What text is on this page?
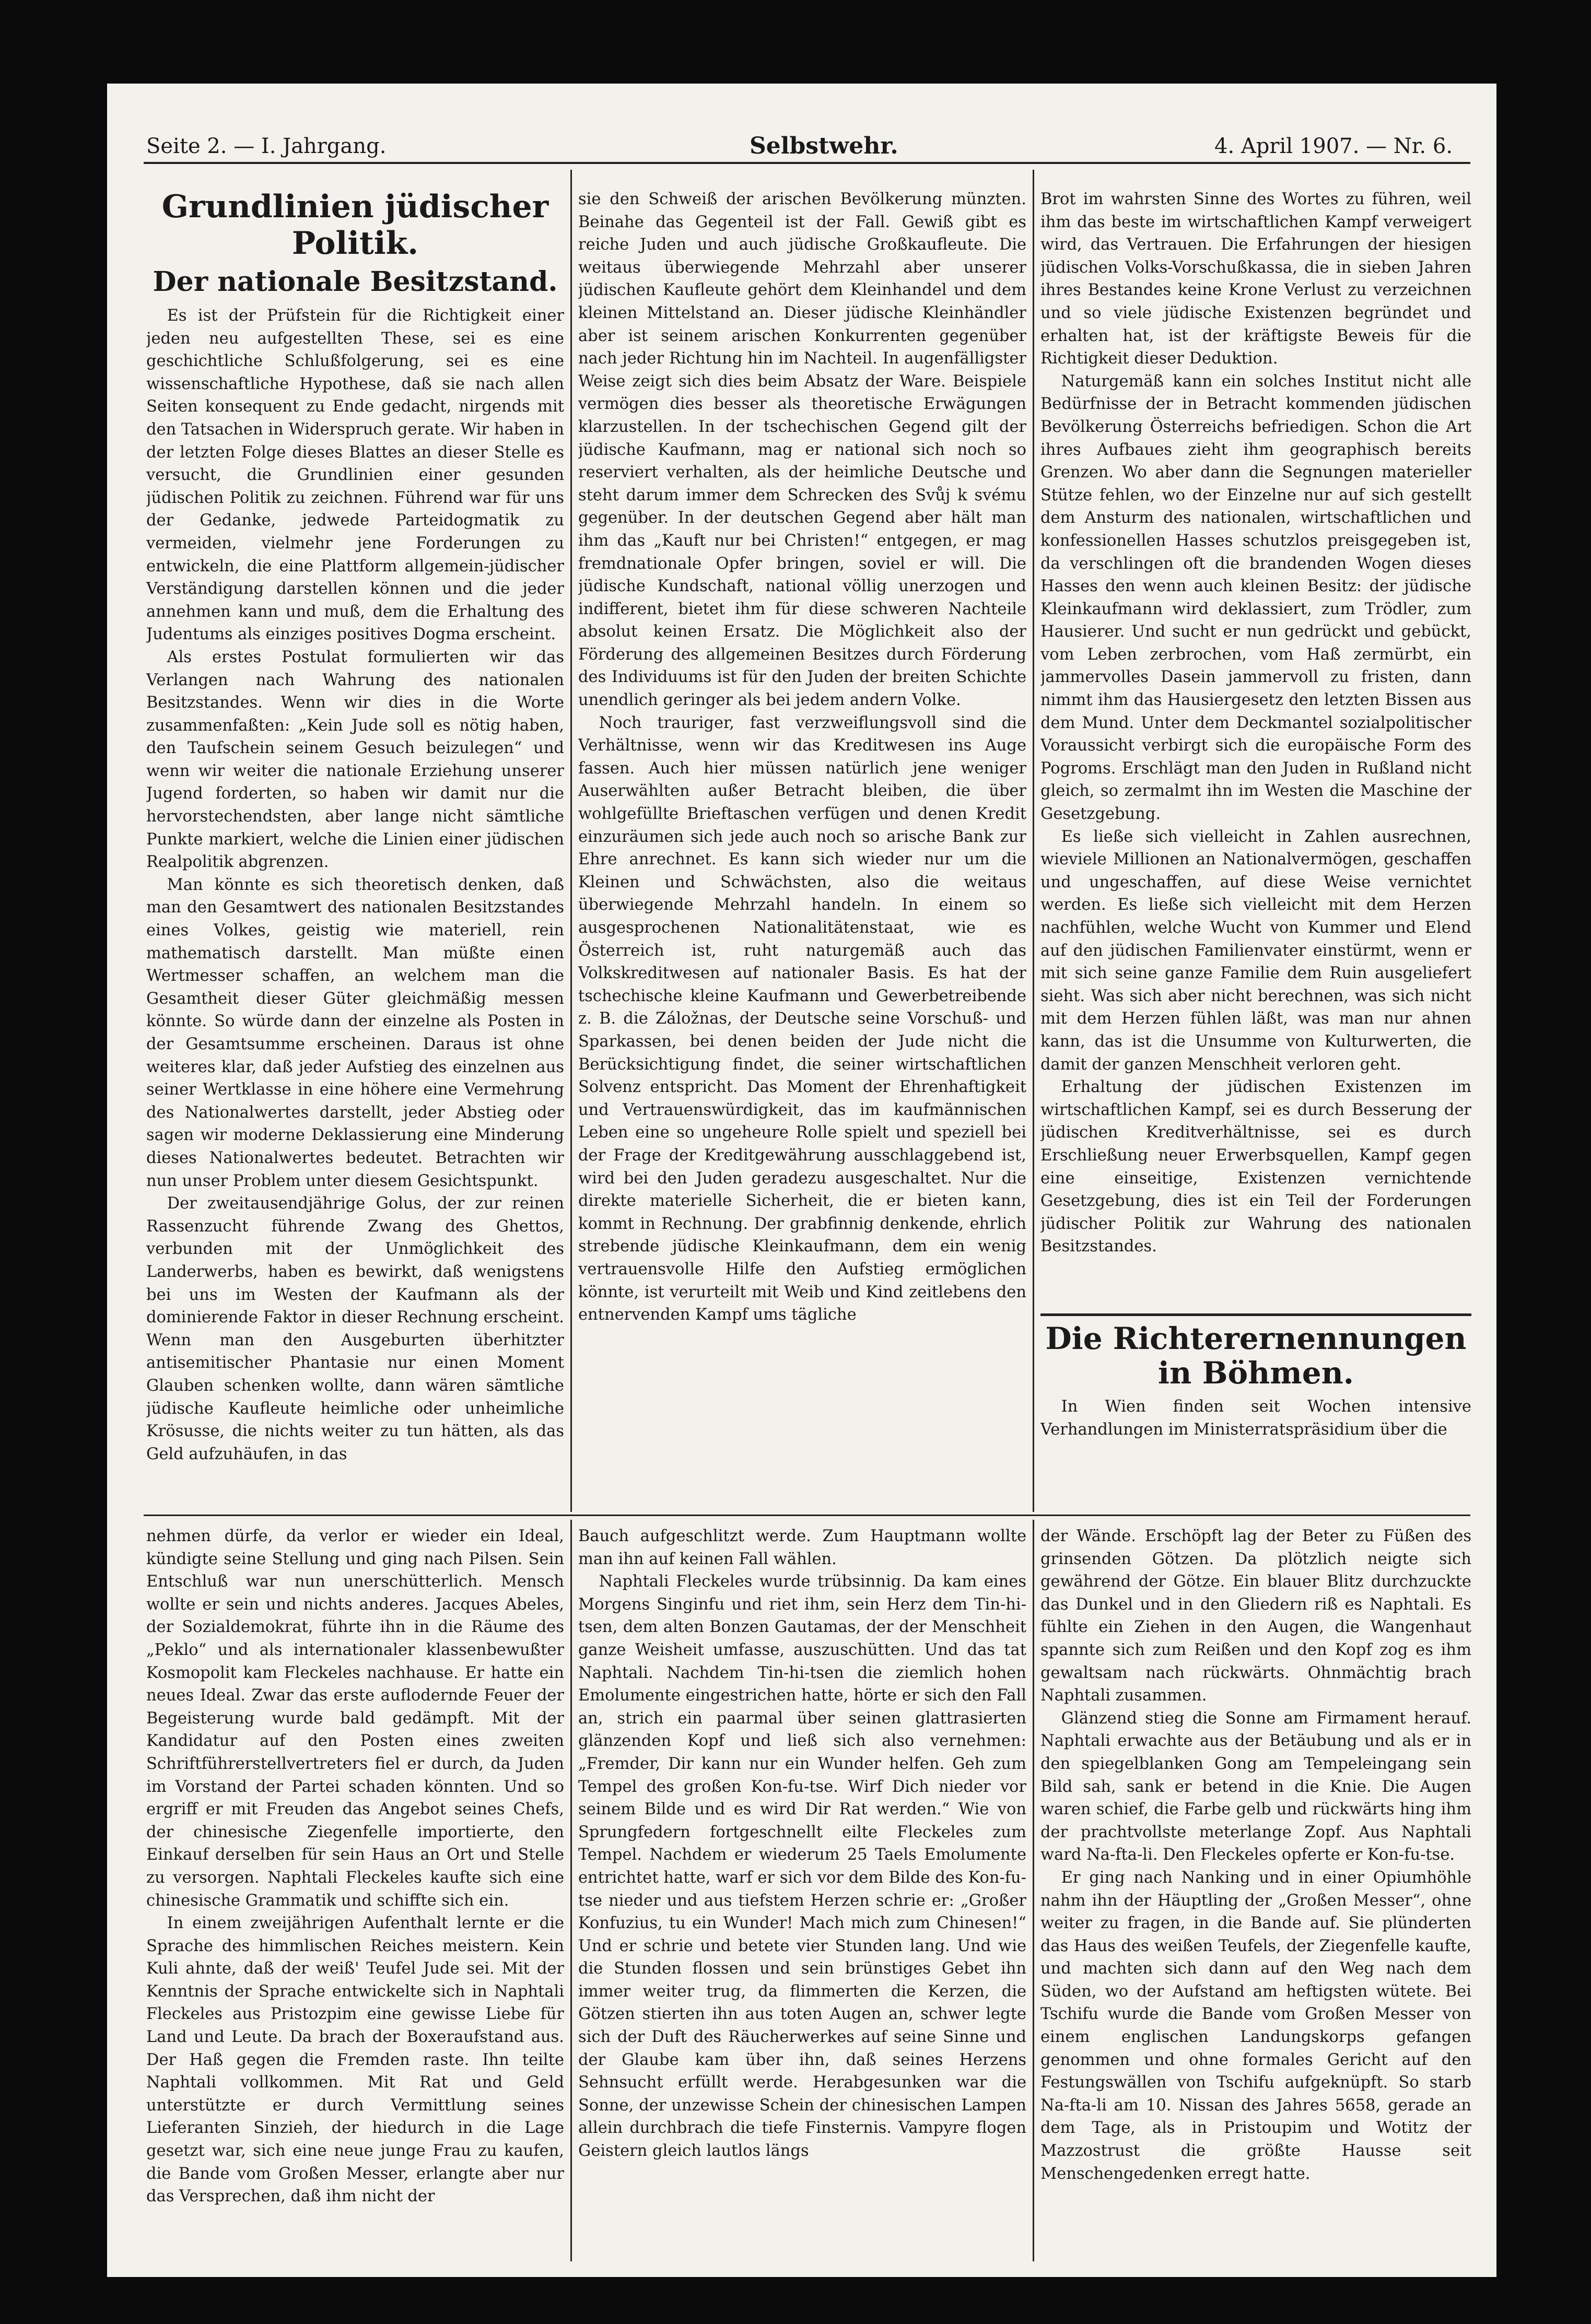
Seite 2. — I. Jahrgang.	Selbstwehr.	4. April 1907. — Nr. 6.
Grundlinien jüdischer Politik.
Der nationale Besitzstand.

Es ist der Prüfstein für die Richtigkeit einer jeden neu aufgestellten These, sei es eine geschichtliche Schlußfolgerung, sei es eine wissenschaftliche Hypothese, daß sie nach allen Seiten konsequent zu Ende gedacht, nirgends mit den Tatsachen in Widerspruch gerate. Wir haben in der letzten Folge dieses Blattes an dieser Stelle es versucht, die Grundlinien einer gesunden jüdischen Politik zu zeichnen. Führend war für uns der Gedanke, jedwede Parteidogmatik zu vermeiden, vielmehr jene Forderungen zu entwickeln, die eine Plattform allgemein-jüdischer Verständigung darstellen können und die jeder annehmen kann und muß, dem die Erhaltung des Judentums als einziges positives Dogma erscheint.

Als erstes Postulat formulierten wir das Verlangen nach Wahrung des nationalen Besitzstandes. Wenn wir dies in die Worte zusammenfaßten: „Kein Jude soll es nötig haben, den Taufschein seinem Gesuch beizulegen“ und wenn wir weiter die nationale Erziehung unserer Jugend forderten, so haben wir damit nur die hervorstechendsten, aber lange nicht sämtliche Punkte markiert, welche die Linien einer jüdischen Realpolitik abgrenzen.

Man könnte es sich theoretisch denken, daß man den Gesamtwert des nationalen Besitzstandes eines Volkes, geistig wie materiell, rein mathematisch darstellt. Man müßte einen Wertmesser schaffen, an welchem man die Gesamtheit dieser Güter gleichmäßig messen könnte. So würde dann der einzelne als Posten in der Gesamtsumme erscheinen. Daraus ist ohne weiteres klar, daß jeder Aufstieg des einzelnen aus seiner Wertklasse in eine höhere eine Vermehrung des Nationalwertes darstellt, jeder Abstieg oder sagen wir moderne Deklassierung eine Minderung dieses Nationalwertes bedeutet. Betrachten wir nun unser Problem unter diesem Gesichtspunkt.

Der zweitausendjährige Golus, der zur reinen Rassenzucht führende Zwang des Ghettos, verbunden mit der Unmöglichkeit des Landerwerbs, haben es bewirkt, daß wenigstens bei uns im Westen der Kaufmann als der dominierende Faktor in dieser Rechnung erscheint. Wenn man den Ausgeburten überhitzter antisemitischer Phantasie nur einen Moment Glauben schenken wollte, dann wären sämtliche jüdische Kaufleute heimliche oder unheimliche Krösusse, die nichts weiter zu tun hätten, als das Geld aufzuhäufen, in das

sie den Schweiß der arischen Bevölkerung münzten. Beinahe das Gegenteil ist der Fall. Gewiß gibt es reiche Juden und auch jüdische Großkaufleute. Die weitaus überwiegende Mehrzahl aber unserer jüdischen Kaufleute gehört dem Kleinhandel und dem kleinen Mittelstand an. Dieser jüdische Kleinhändler aber ist seinem arischen Konkurrenten gegenüber nach jeder Richtung hin im Nachteil. In augenfälligster Weise zeigt sich dies beim Absatz der Ware. Beispiele vermögen dies besser als theoretische Erwägungen klarzustellen. In der tschechischen Gegend gilt der jüdische Kaufmann, mag er national sich noch so reserviert verhalten, als der heimliche Deutsche und steht darum immer dem Schrecken des Svůj k svému gegenüber. In der deutschen Gegend aber hält man ihm das „Kauft nur bei Christen!“ entgegen, er mag fremdnationale Opfer bringen, soviel er will. Die jüdische Kundschaft, national völlig unerzogen und indifferent, bietet ihm für diese schweren Nachteile absolut keinen Ersatz. Die Möglichkeit also der Förderung des allgemeinen Besitzes durch Förderung des Individuums ist für den Juden der breiten Schichte unendlich geringer als bei jedem andern Volke.

Noch trauriger, fast verzweiflungsvoll sind die Verhältnisse, wenn wir das Kreditwesen ins Auge fassen. Auch hier müssen natürlich jene weniger Auserwählten außer Betracht bleiben, die über wohlgefüllte Brieftaschen verfügen und denen Kredit einzuräumen sich jede auch noch so arische Bank zur Ehre anrechnet. Es kann sich wieder nur um die Kleinen und Schwächsten, also die weitaus überwiegende Mehrzahl handeln. In einem so ausgesprochenen Nationalitätenstaat, wie es Österreich ist, ruht naturgemäß auch das Volkskreditwesen auf nationaler Basis. Es hat der tschechische kleine Kaufmann und Gewerbetreibende z. B. die Záložnas, der Deutsche seine Vorschuß- und Sparkassen, bei denen beiden der Jude nicht die Berücksichtigung findet, die seiner wirtschaftlichen Solvenz entspricht. Das Moment der Ehrenhaftigkeit und Vertrauenswürdigkeit, das im kaufmännischen Leben eine so ungeheure Rolle spielt und speziell bei der Frage der Kreditgewährung ausschlaggebend ist, wird bei den Juden geradezu ausgeschaltet. Nur die direkte materielle Sicherheit, die er bieten kann, kommt in Rechnung. Der grabfinnig denkende, ehrlich strebende jüdische Kleinkaufmann, dem ein wenig vertrauensvolle Hilfe den Aufstieg ermöglichen könnte, ist verurteilt mit Weib und Kind zeitlebens den entnervenden Kampf ums tägliche

Brot im wahrsten Sinne des Wortes zu führen, weil ihm das beste im wirtschaftlichen Kampf verweigert wird, das Vertrauen. Die Erfahrungen der hiesigen jüdischen Volks-Vorschußkassa, die in sieben Jahren ihres Bestandes keine Krone Verlust zu verzeichnen und so viele jüdische Existenzen begründet und erhalten hat, ist der kräftigste Beweis für die Richtigkeit dieser Deduktion.

Naturgemäß kann ein solches Institut nicht alle Bedürfnisse der in Betracht kommenden jüdischen Bevölkerung Österreichs befriedigen. Schon die Art ihres Aufbaues zieht ihm geographisch bereits Grenzen. Wo aber dann die Segnungen materieller Stütze fehlen, wo der Einzelne nur auf sich gestellt dem Ansturm des nationalen, wirtschaftlichen und konfessionellen Hasses schutzlos preisgegeben ist, da verschlingen oft die brandenden Wogen dieses Hasses den wenn auch kleinen Besitz: der jüdische Kleinkaufmann wird deklassiert, zum Trödler, zum Hausierer. Und sucht er nun gedrückt und gebückt, vom Leben zerbrochen, vom Haß zermürbt, ein jammervolles Dasein jammervoll zu fristen, dann nimmt ihm das Hausiergesetz den letzten Bissen aus dem Mund. Unter dem Deckmantel sozialpolitischer Voraussicht verbirgt sich die europäische Form des Pogroms. Erschlägt man den Juden in Rußland nicht gleich, so zermalmt ihn im Westen die Maschine der Gesetzgebung.

Es ließe sich vielleicht in Zahlen ausrechnen, wieviele Millionen an Nationalvermögen, geschaffen und ungeschaffen, auf diese Weise vernichtet werden. Es ließe sich vielleicht mit dem Herzen nachfühlen, welche Wucht von Kummer und Elend auf den jüdischen Familienvater einstürmt, wenn er mit sich seine ganze Familie dem Ruin ausgeliefert sieht. Was sich aber nicht berechnen, was sich nicht mit dem Herzen fühlen läßt, was man nur ahnen kann, das ist die Unsumme von Kulturwerten, die damit der ganzen Menschheit verloren geht.

Erhaltung der jüdischen Existenzen im wirtschaftlichen Kampf, sei es durch Besserung der jüdischen Kreditverhältnisse, sei es durch Erschließung neuer Erwerbsquellen, Kampf gegen eine einseitige, Existenzen vernichtende Gesetzgebung, dies ist ein Teil der Forderungen jüdischer Politik zur Wahrung des nationalen Besitzstandes.

Die Richterernennungen in Böhmen.

In Wien finden seit Wochen intensive Verhandlungen im Ministerratspräsidium über die

nehmen dürfe, da verlor er wieder ein Ideal, kündigte seine Stellung und ging nach Pilsen. Sein Entschluß war nun unerschütterlich. Mensch wollte er sein und nichts anderes. Jacques Abeles, der Sozialdemokrat, führte ihn in die Räume des „Peklo“ und als internationaler klassenbewußter Kosmopolit kam Fleckeles nachhause. Er hatte ein neues Ideal. Zwar das erste auflodernde Feuer der Begeisterung wurde bald gedämpft. Mit der Kandidatur auf den Posten eines zweiten Schriftführerstellvertreters fiel er durch, da Juden im Vorstand der Partei schaden könnten. Und so ergriff er mit Freuden das Angebot seines Chefs, der chinesische Ziegenfelle importierte, den Einkauf derselben für sein Haus an Ort und Stelle zu versorgen. Naphtali Fleckeles kaufte sich eine chinesische Grammatik und schiffte sich ein.

In einem zweijährigen Aufenthalt lernte er die Sprache des himmlischen Reiches meistern. Kein Kuli ahnte, daß der weiß' Teufel Jude sei. Mit der Kenntnis der Sprache entwickelte sich in Naphtali Fleckeles aus Pristozpim eine gewisse Liebe für Land und Leute. Da brach der Boxeraufstand aus. Der Haß gegen die Fremden raste. Ihn teilte Naphtali vollkommen. Mit Rat und Geld unterstützte er durch Vermittlung seines Lieferanten Sinzieh, der hiedurch in die Lage gesetzt war, sich eine neue junge Frau zu kaufen, die Bande vom Großen Messer, erlangte aber nur das Versprechen, daß ihm nicht der

Bauch aufgeschlitzt werde. Zum Hauptmann wollte man ihn auf keinen Fall wählen.

Naphtali Fleckeles wurde trübsinnig. Da kam eines Morgens Singinfu und riet ihm, sein Herz dem Tin-hi-tsen, dem alten Bonzen Gautamas, der der Menschheit ganze Weisheit umfasse, auszuschütten. Und das tat Naphtali. Nachdem Tin-hi-tsen die ziemlich hohen Emolumente eingestrichen hatte, hörte er sich den Fall an, strich ein paarmal über seinen glattrasierten glänzenden Kopf und ließ sich also vernehmen: „Fremder, Dir kann nur ein Wunder helfen. Geh zum Tempel des großen Kon-fu-tse. Wirf Dich nieder vor seinem Bilde und es wird Dir Rat werden.“ Wie von Sprungfedern fortgeschnellt eilte Fleckeles zum Tempel. Nachdem er wiederum 25 Taels Emolumente entrichtet hatte, warf er sich vor dem Bilde des Kon-fu-tse nieder und aus tiefstem Herzen schrie er: „Großer Konfuzius, tu ein Wunder! Mach mich zum Chinesen!“ Und er schrie und betete vier Stunden lang. Und wie die Stunden flossen und sein brünstiges Gebet ihn immer weiter trug, da flimmerten die Kerzen, die Götzen stierten ihn aus toten Augen an, schwer legte sich der Duft des Räucherwerkes auf seine Sinne und der Glaube kam über ihn, daß seines Herzens Sehnsucht erfüllt werde. Herabgesunken war die Sonne, der unzewisse Schein der chinesischen Lampen allein durchbrach die tiefe Finsternis. Vampyre flogen Geistern gleich lautlos längs

der Wände. Erschöpft lag der Beter zu Füßen des grinsenden Götzen. Da plötzlich neigte sich gewährend der Götze. Ein blauer Blitz durchzuckte das Dunkel und in den Gliedern riß es Naphtali. Es fühlte ein Ziehen in den Augen, die Wangenhaut spannte sich zum Reißen und den Kopf zog es ihm gewaltsam nach rückwärts. Ohnmächtig brach Naphtali zusammen.

Glänzend stieg die Sonne am Firmament herauf. Naphtali erwachte aus der Betäubung und als er in den spiegelblanken Gong am Tempeleingang sein Bild sah, sank er betend in die Knie. Die Augen waren schief, die Farbe gelb und rückwärts hing ihm der prachtvollste meterlange Zopf. Aus Naphtali ward Na-fta-li. Den Fleckeles opferte er Kon-fu-tse.

Er ging nach Nanking und in einer Opiumhöhle nahm ihn der Häuptling der „Großen Messer“, ohne weiter zu fragen, in die Bande auf. Sie plünderten das Haus des weißen Teufels, der Ziegenfelle kaufte, und machten sich dann auf den Weg nach dem Süden, wo der Aufstand am heftigsten wütete. Bei Tschifu wurde die Bande vom Großen Messer von einem englischen Landungskorps gefangen genommen und ohne formales Gericht auf den Festungswällen von Tschifu aufgeknüpft. So starb Na-fta-li am 10. Nissan des Jahres 5658, gerade an dem Tage, als in Pristoupim und Wotitz der Mazzostrust die größte Hausse seit Menschengedenken erregt hatte.
